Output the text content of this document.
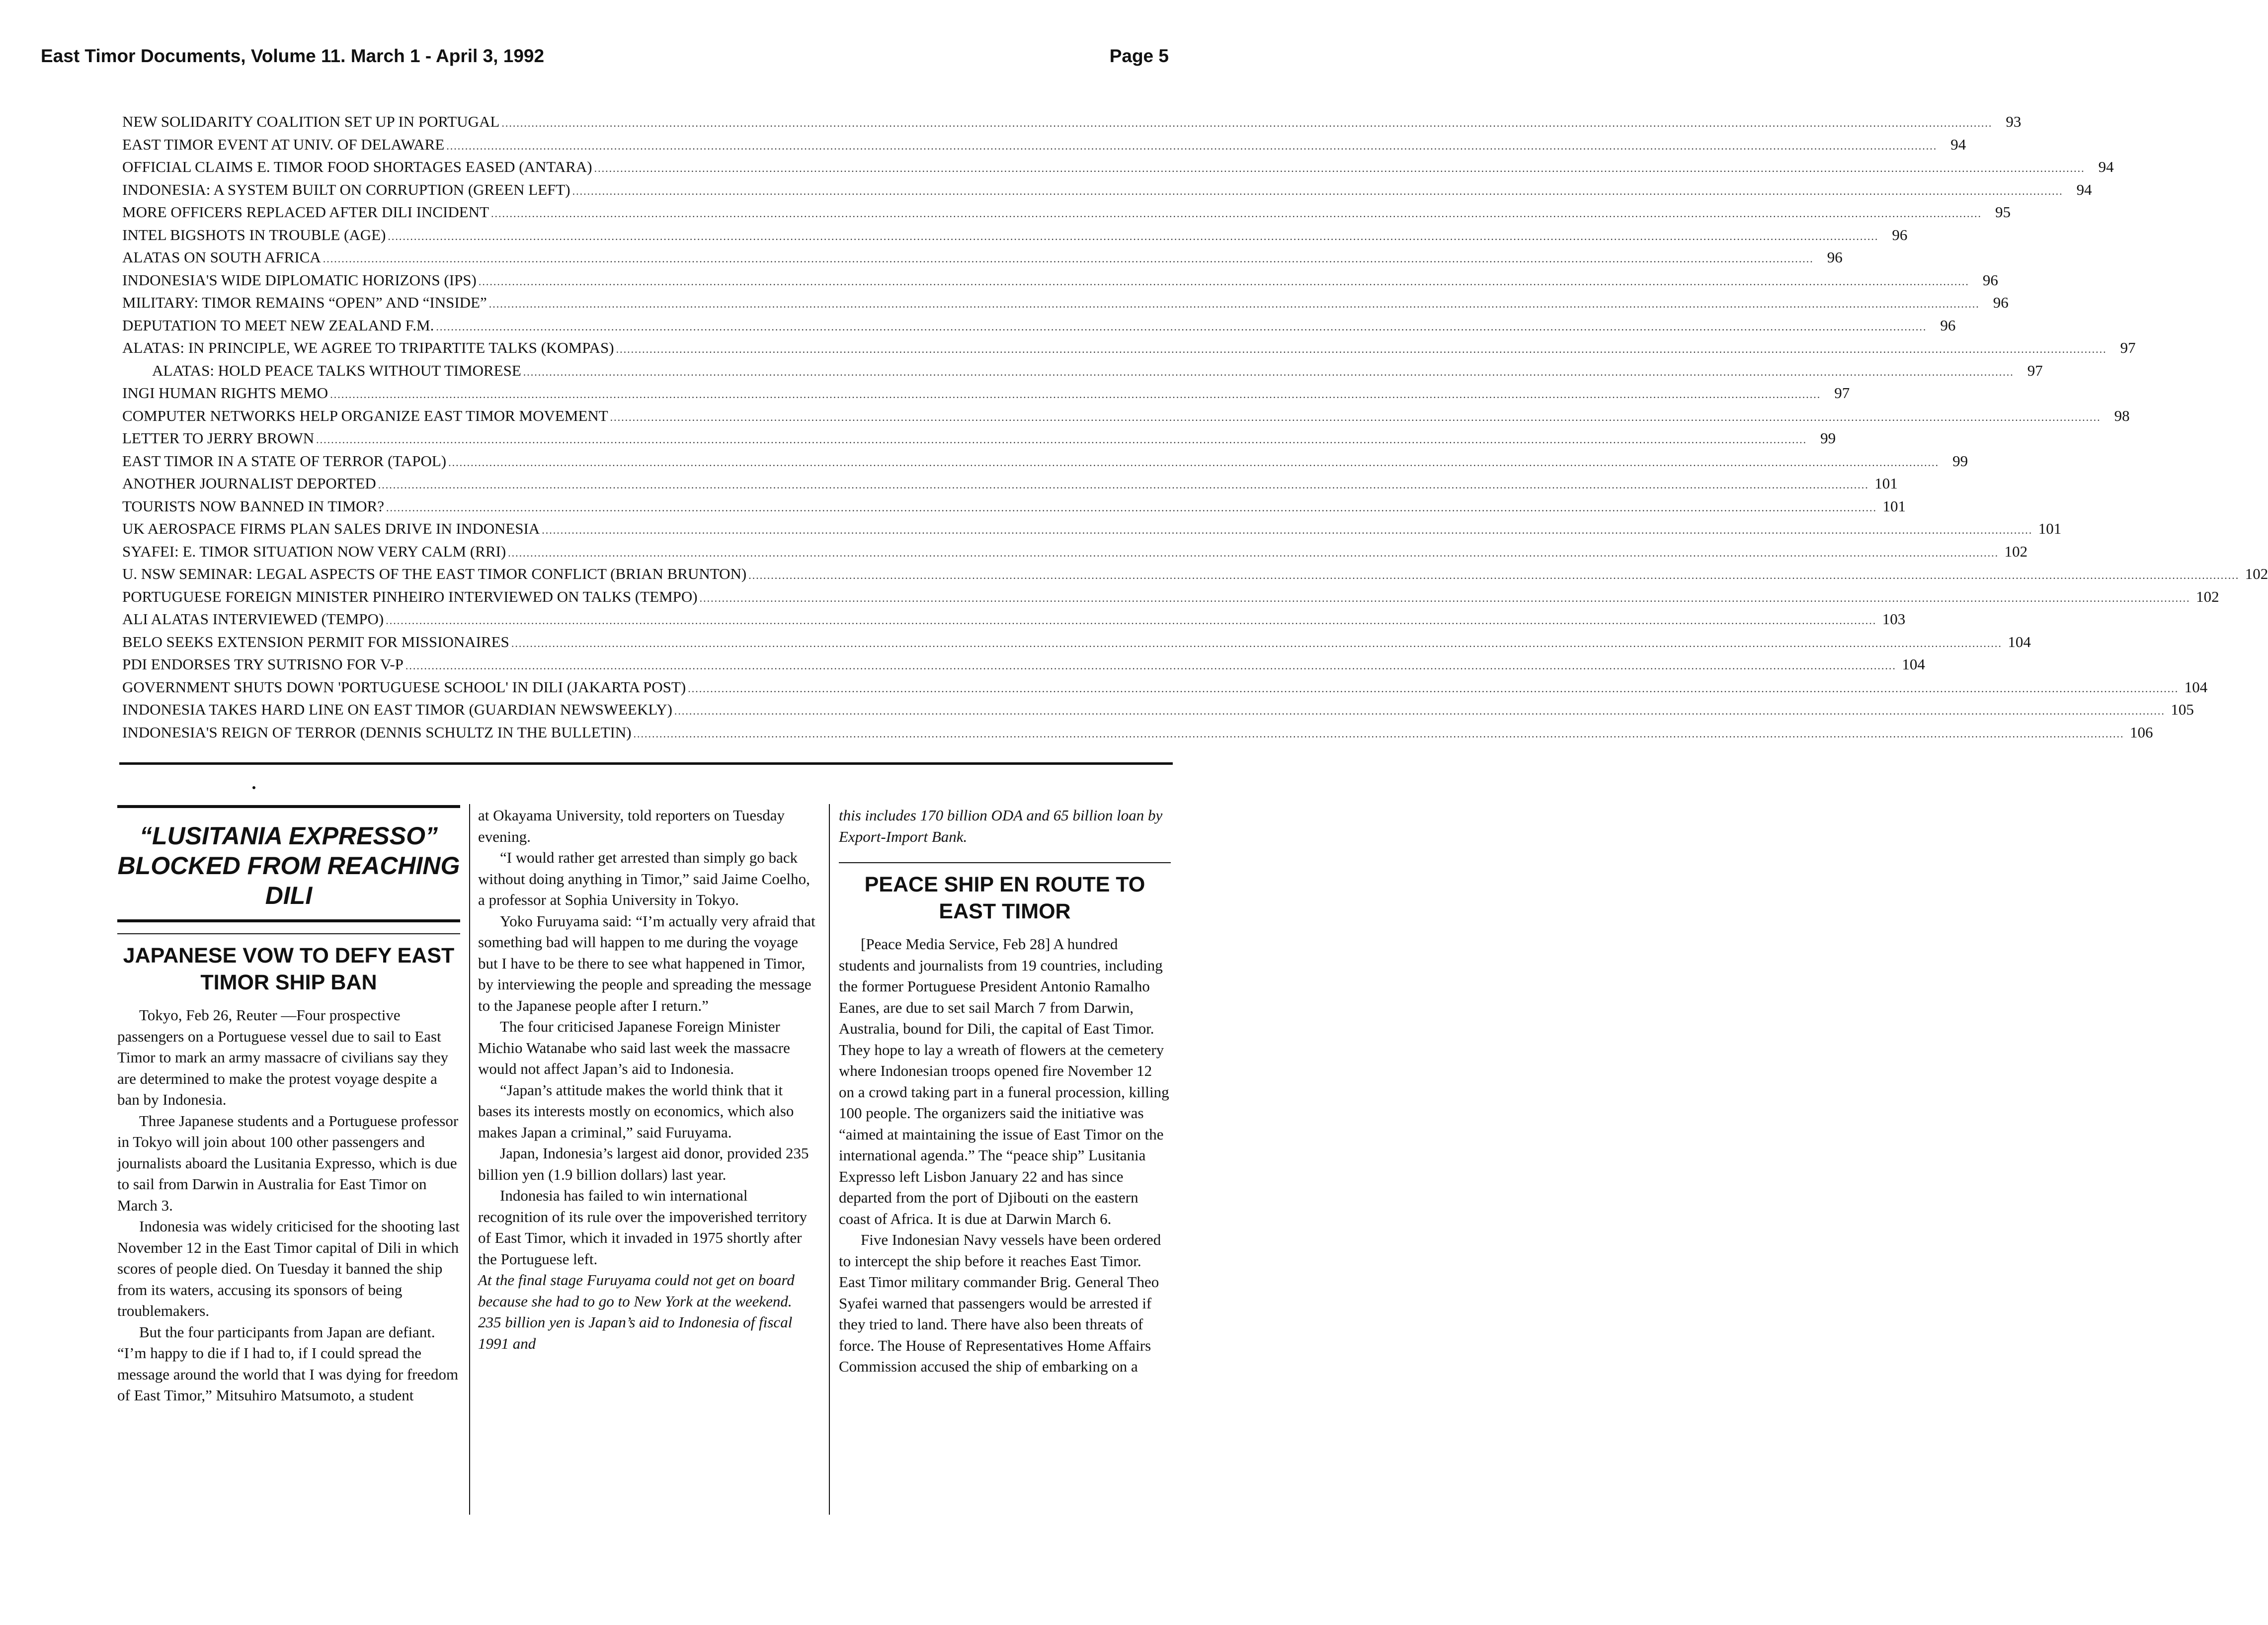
East Timor Documents, Volume 11. March 1 - April 3, 1992	Page 5
NEW SOLIDARITY COALITION SET UP IN PORTUGAL ................................................................................................................................................................................................................................................................................................................................................................................................................ 93
EAST TIMOR EVENT AT UNIV. OF DELAWARE ................................................................................................................................................................................................................................................................................................................................................................................................................ 94
OFFICIAL CLAIMS E. TIMOR FOOD SHORTAGES EASED (ANTARA) ................................................................................................................................................................................................................................................................................................................................................................................................................ 94
INDONESIA: A SYSTEM BUILT ON CORRUPTION (GREEN LEFT) ................................................................................................................................................................................................................................................................................................................................................................................................................ 94
MORE OFFICERS REPLACED AFTER DILI INCIDENT ................................................................................................................................................................................................................................................................................................................................................................................................................ 95
INTEL BIGSHOTS IN TROUBLE (AGE) ................................................................................................................................................................................................................................................................................................................................................................................................................ 96
ALATAS ON SOUTH AFRICA ................................................................................................................................................................................................................................................................................................................................................................................................................ 96
INDONESIA'S WIDE DIPLOMATIC HORIZONS (IPS) ................................................................................................................................................................................................................................................................................................................................................................................................................ 96
MILITARY: TIMOR REMAINS “OPEN” AND “INSIDE” ................................................................................................................................................................................................................................................................................................................................................................................................................ 96
DEPUTATION TO MEET NEW ZEALAND F.M. ................................................................................................................................................................................................................................................................................................................................................................................................................ 96
ALATAS: IN PRINCIPLE, WE AGREE TO TRIPARTITE TALKS (KOMPAS) ................................................................................................................................................................................................................................................................................................................................................................................................................ 97
ALATAS: HOLD PEACE TALKS WITHOUT TIMORESE ................................................................................................................................................................................................................................................................................................................................................................................................................ 97
INGI HUMAN RIGHTS MEMO ................................................................................................................................................................................................................................................................................................................................................................................................................ 97
COMPUTER NETWORKS HELP ORGANIZE EAST TIMOR MOVEMENT ................................................................................................................................................................................................................................................................................................................................................................................................................ 98
LETTER TO JERRY BROWN ................................................................................................................................................................................................................................................................................................................................................................................................................ 99
EAST TIMOR IN A STATE OF TERROR (TAPOL) ................................................................................................................................................................................................................................................................................................................................................................................................................ 99
ANOTHER JOURNALIST DEPORTED ................................................................................................................................................................................................................................................................................................................................................................................................................ 101
TOURISTS NOW BANNED IN TIMOR? ................................................................................................................................................................................................................................................................................................................................................................................................................ 101
UK AEROSPACE FIRMS PLAN SALES DRIVE IN INDONESIA ................................................................................................................................................................................................................................................................................................................................................................................................................ 101
SYAFEI: E. TIMOR SITUATION NOW VERY CALM (RRI) ................................................................................................................................................................................................................................................................................................................................................................................................................ 102
U. NSW SEMINAR: LEGAL ASPECTS OF THE EAST TIMOR CONFLICT (BRIAN BRUNTON) ................................................................................................................................................................................................................................................................................................................................................................................................................ 102
PORTUGUESE FOREIGN MINISTER PINHEIRO INTERVIEWED ON TALKS (TEMPO) ................................................................................................................................................................................................................................................................................................................................................................................................................ 102
ALI ALATAS INTERVIEWED (TEMPO) ................................................................................................................................................................................................................................................................................................................................................................................................................ 103
BELO SEEKS EXTENSION PERMIT FOR MISSIONAIRES ................................................................................................................................................................................................................................................................................................................................................................................................................ 104
PDI ENDORSES TRY SUTRISNO FOR V-P ................................................................................................................................................................................................................................................................................................................................................................................................................ 104
GOVERNMENT SHUTS DOWN 'PORTUGUESE SCHOOL' IN DILI (JAKARTA POST) ................................................................................................................................................................................................................................................................................................................................................................................................................ 104
INDONESIA TAKES HARD LINE ON EAST TIMOR (GUARDIAN NEWSWEEKLY) ................................................................................................................................................................................................................................................................................................................................................................................................................ 105
INDONESIA'S REIGN OF TERROR (DENNIS SCHULTZ IN THE BULLETIN) ................................................................................................................................................................................................................................................................................................................................................................................................................ 106
“LUSITANIA EXPRESSO” BLOCKED FROM REACHING DILI
JAPANESE VOW TO DEFY EAST TIMOR SHIP BAN

Tokyo, Feb 26, Reuter —Four prospective passengers on a Portuguese vessel due to sail to East Timor to mark an army massacre of civilians say they are determined to make the protest voyage despite a ban by Indonesia.

Three Japanese students and a Portuguese professor in Tokyo will join about 100 other passengers and journalists aboard the Lusitania Expresso, which is due to sail from Darwin in Australia for East Timor on March 3.

Indonesia was widely criticised for the shooting last November 12 in the East Timor capital of Dili in which scores of people died. On Tuesday it banned the ship from its waters, accusing its sponsors of being troublemakers.

But the four participants from Japan are defiant. “I’m happy to die if I had to, if I could spread the message around the world that I was dying for freedom of East Timor,” Mitsuhiro Matsumoto, a student

at Okayama University, told reporters on Tuesday evening.

“I would rather get arrested than simply go back without doing anything in Timor,” said Jaime Coelho, a professor at Sophia University in Tokyo.

Yoko Furuyama said: “I’m actually very afraid that something bad will happen to me during the voyage but I have to be there to see what happened in Timor, by interviewing the people and spreading the message to the Japanese people after I return.”

The four criticised Japanese Foreign Minister Michio Watanabe who said last week the massacre would not affect Japan’s aid to Indonesia.

“Japan’s attitude makes the world think that it bases its interests mostly on economics, which also makes Japan a criminal,” said Furuyama.

Japan, Indonesia’s largest aid donor, provided 235 billion yen (1.9 billion dollars) last year.

Indonesia has failed to win international recognition of its rule over the impoverished territory of East Timor, which it invaded in 1975 shortly after the Portuguese left.

At the final stage Furuyama could not get on board because she had to go to New York at the weekend. 235 billion yen is Japan’s aid to Indonesia of fiscal 1991 and

this includes 170 billion ODA and 65 billion loan by Export-Import Bank.

PEACE SHIP EN ROUTE TO EAST TIMOR

[Peace Media Service, Feb 28] A hundred students and journalists from 19 countries, including the former Portuguese President Antonio Ramalho Eanes, are due to set sail March 7 from Darwin, Australia, bound for Dili, the capital of East Timor. They hope to lay a wreath of flowers at the cemetery where Indonesian troops opened fire November 12 on a crowd taking part in a funeral procession, killing 100 people. The organizers said the initiative was “aimed at maintaining the issue of East Timor on the international agenda.” The “peace ship” Lusitania Expresso left Lisbon January 22 and has since departed from the port of Djibouti on the eastern coast of Africa. It is due at Darwin March 6.

Five Indonesian Navy vessels have been ordered to intercept the ship before it reaches East Timor. East Timor military commander Brig. General Theo Syafei warned that passengers would be arrested if they tried to land. There have also been threats of force. The House of Representatives Home Affairs Commission accused the ship of embarking on a
